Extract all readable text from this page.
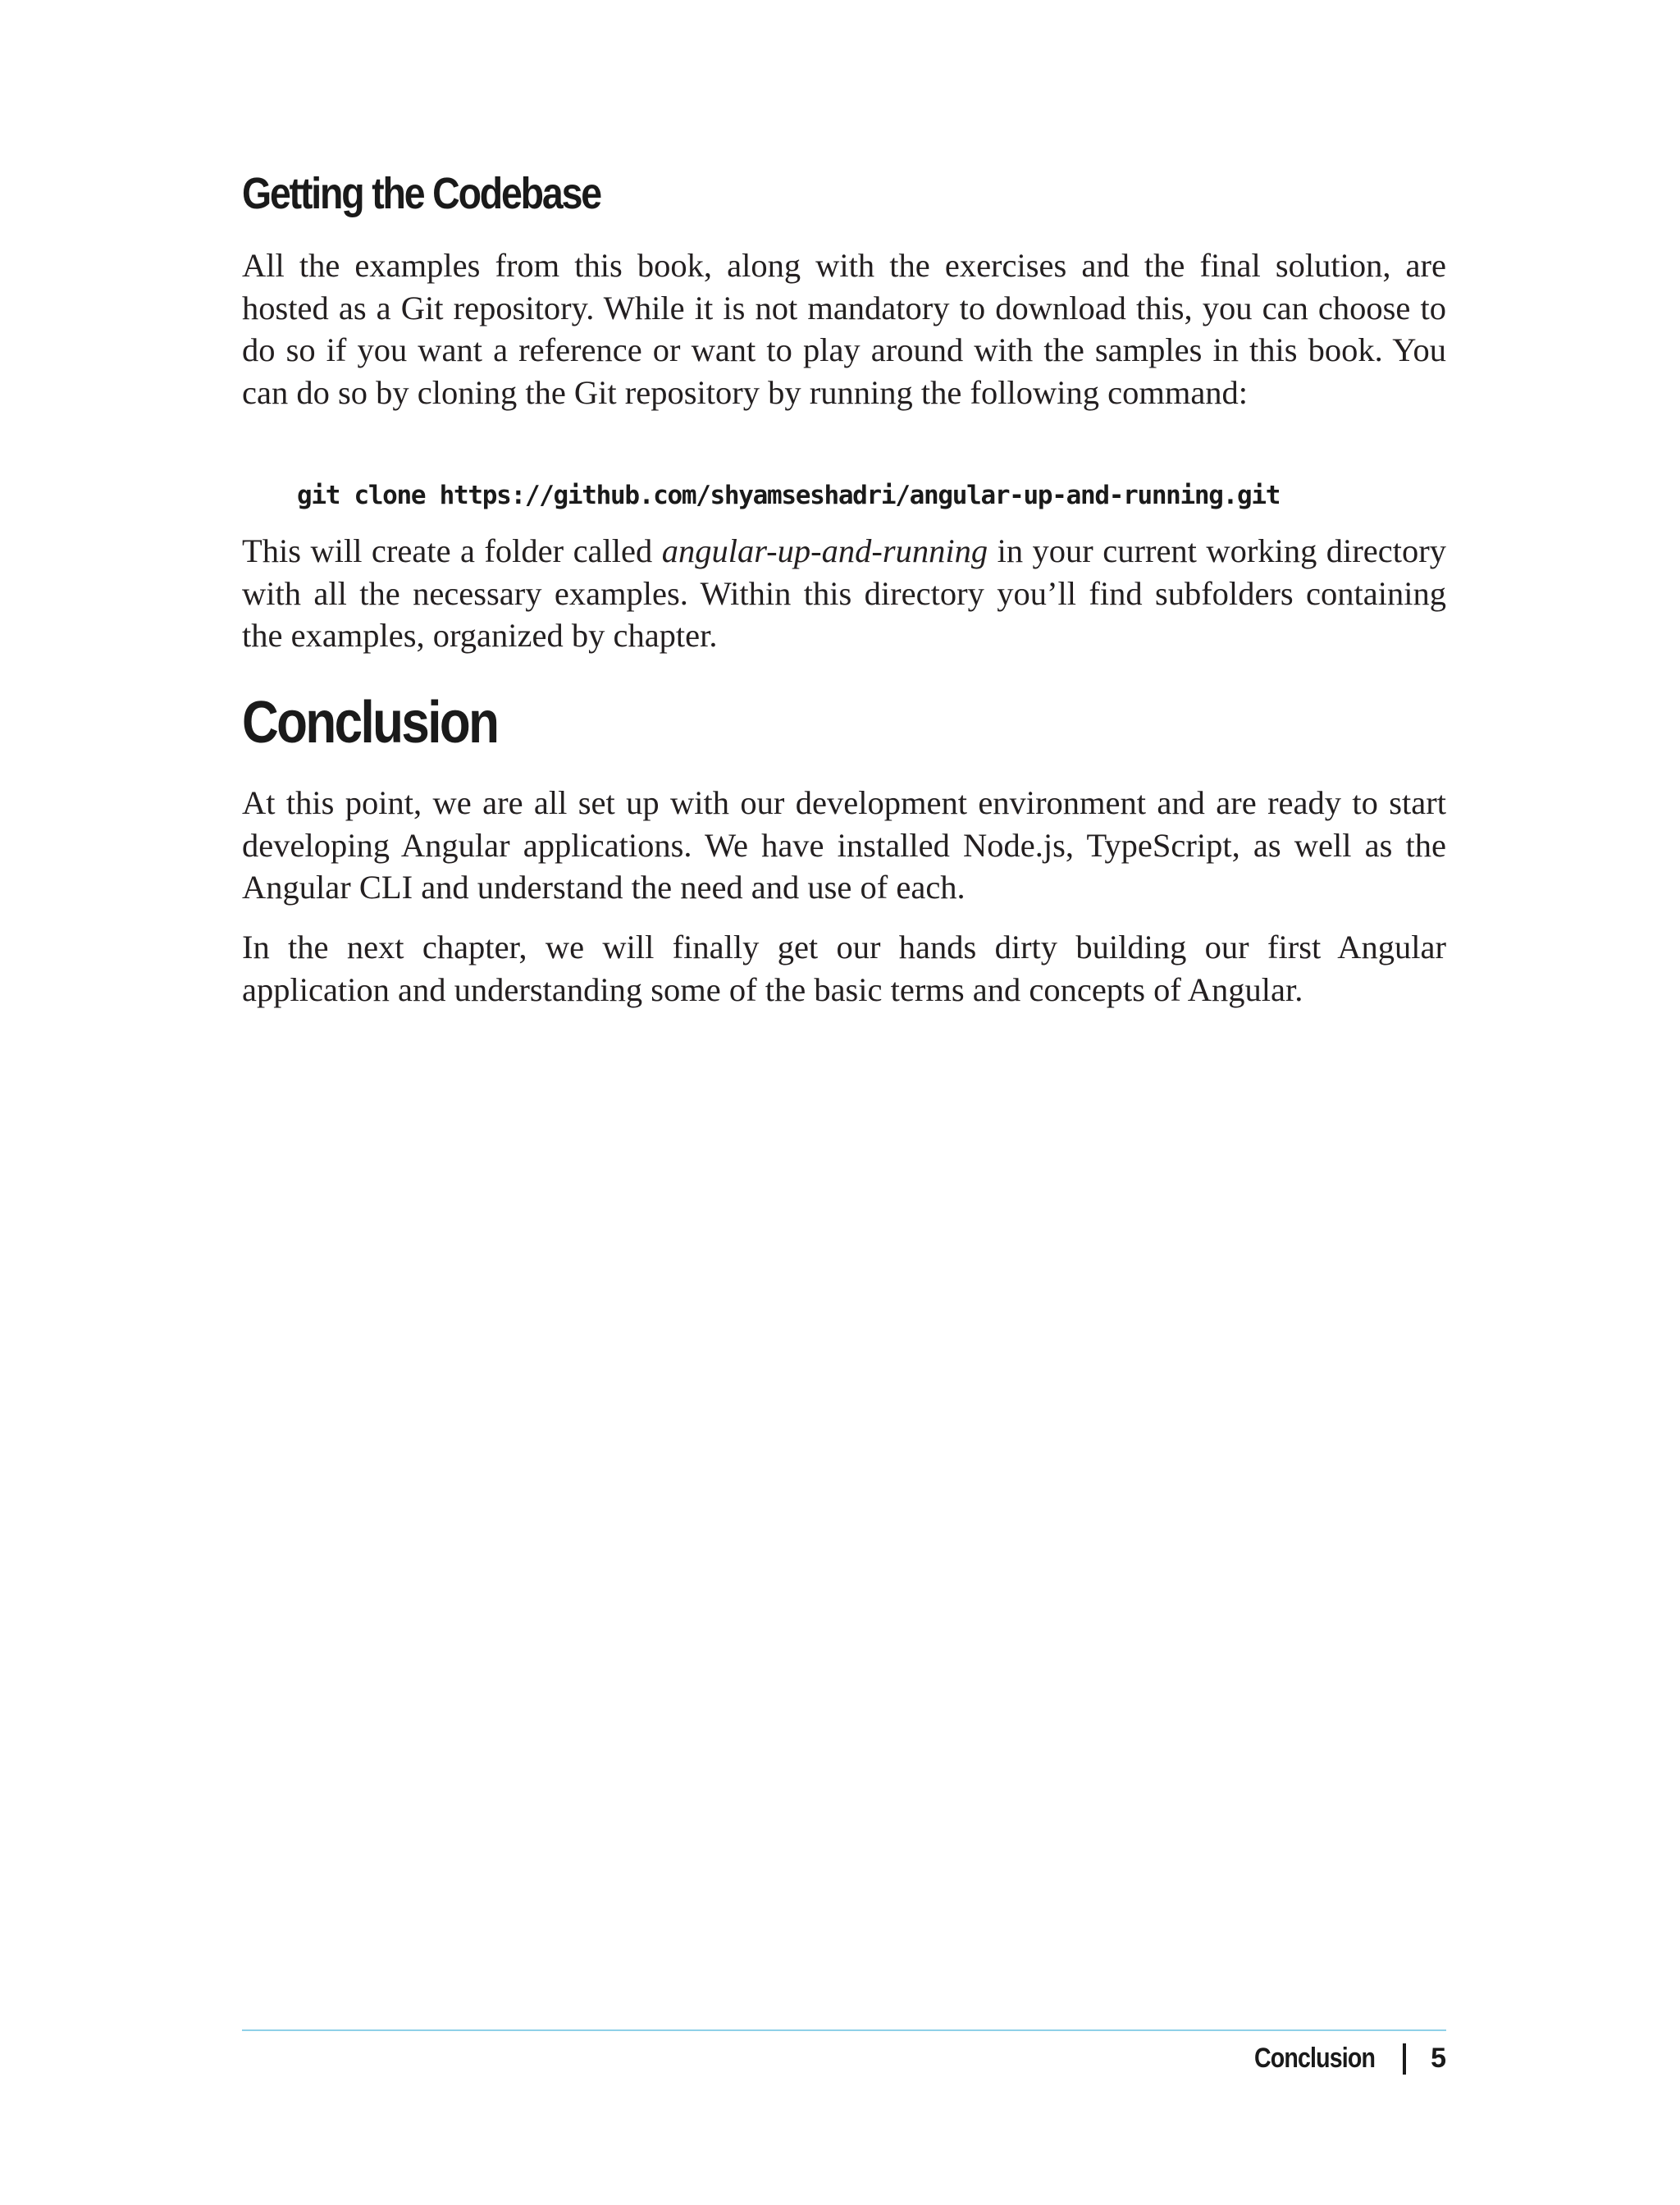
Getting the Codebase

All the examples from this book, along with the exercises and the final solution, are hosted as a Git repository. While it is not mandatory to download this, you can choose to do so if you want a reference or want to play around with the samples in this book. You can do so by cloning the Git repository by running the following command:

git clone https://github.com/shyamseshadri/angular-up-and-running.git

This will create a folder called angular-up-and-running in your current working directory with all the necessary examples. Within this directory you’ll find subfolders containing the examples, organized by chapter.

Conclusion

At this point, we are all set up with our development environment and are ready to start developing Angular applications. We have installed Node.js, TypeScript, as well as the Angular CLI and understand the need and use of each.

In the next chapter, we will finally get our hands dirty building our first Angular application and understanding some of the basic terms and concepts of Angular.

Conclusion 5
